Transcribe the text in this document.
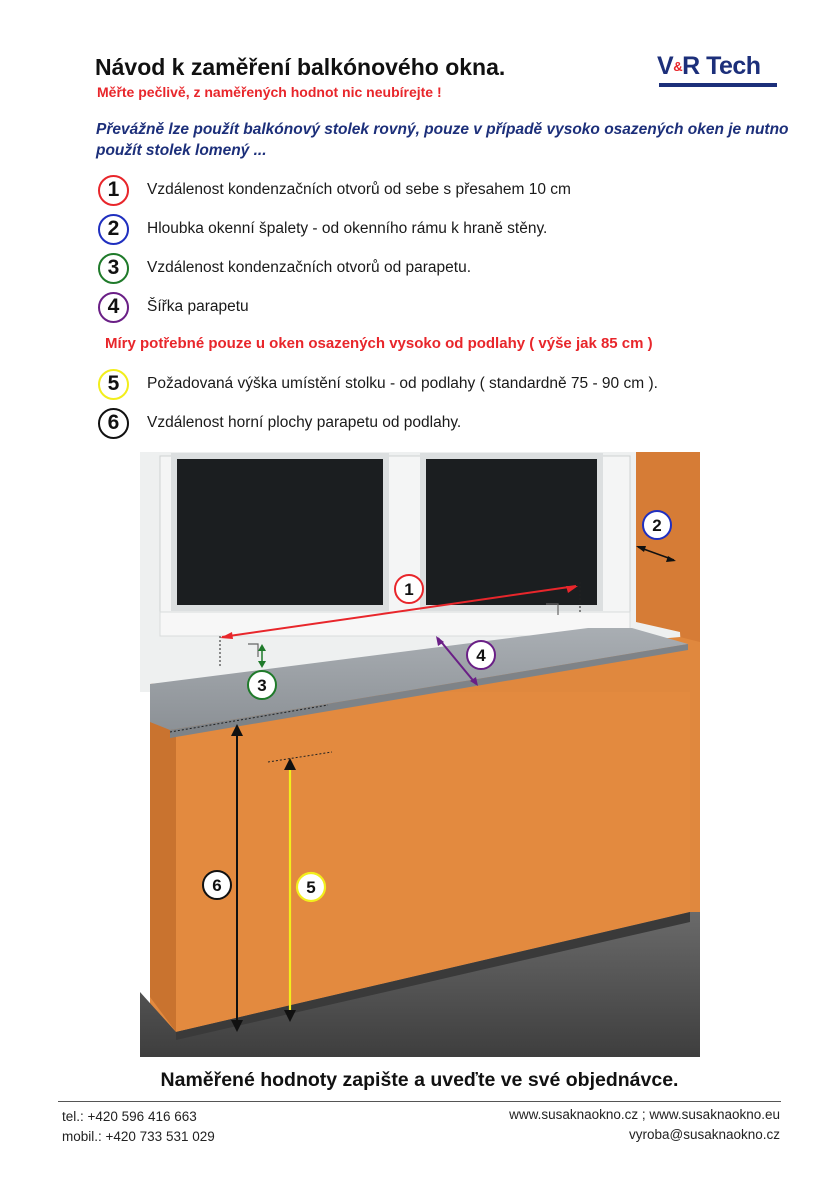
Návod k zaměření balkónového okna.
Měřte pečlivě, z naměřených hodnot nic neubírejte !
V&R Tech
Převážně lze použít balkónový stolek rovný, pouze v případě vysoko osazených oken je nutno použít stolek lomený ...
1	Vzdálenost kondenzačních otvorů od sebe s přesahem 10 cm
2	Hloubka okenní špalety - od okenního rámu k hraně stěny.
3	Vzdálenost kondenzačních otvorů od parapetu.
4	Šířka parapetu
Míry potřebné pouze u oken osazených vysoko od podlahy ( výše jak 85 cm )
5	Požadovaná výška umístění stolku - od podlahy ( standardně 75 - 90 cm ).
6	Vzdálenost horní plochy parapetu od podlahy.
1
2
3
4
5
6
Naměřené hodnoty zapište a uveďte ve své objednávce.
tel.: +420 596 416 663
mobil.: +420 733 531 029
www.susaknaokno.cz ; www.susaknaokno.eu
vyroba@susaknaokno.cz
